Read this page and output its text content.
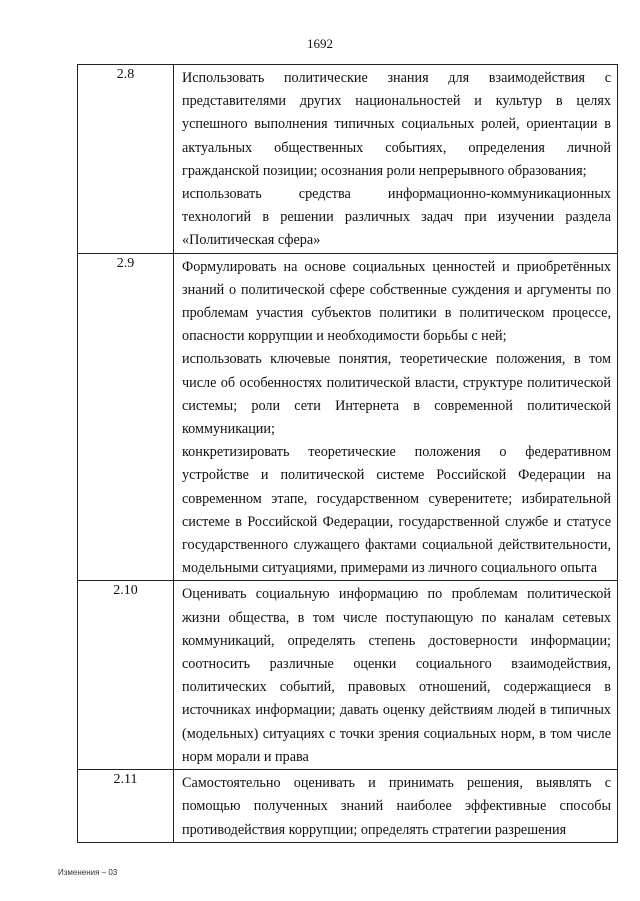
1692
2.8	Использовать политические знания для взаимодействия с представителями других национальностей и культур в целях успешного выполнения типичных социальных ролей, ориентации в актуальных общественных событиях, определения личной гражданской позиции; осознания роли непрерывного образования;

использовать средства информационно-коммуникационных технологий в решении различных задач при изучении раздела «Политическая сфера»

2.9	Формулировать на основе социальных ценностей и приобретённых знаний о политической сфере собственные суждения и аргументы по проблемам участия субъектов политики в политическом процессе, опасности коррупции и необходимости борьбы с ней;

использовать ключевые понятия, теоретические положения, в том числе об особенностях политической власти, структуре политической системы; роли сети Интернета в современной политической коммуникации;

конкретизировать теоретические положения о федеративном устройстве и политической системе Российской Федерации на современном этапе, государственном суверенитете; избирательной системе в Российской Федерации, государственной службе и статусе государственного служащего фактами социальной действительности, модельными ситуациями, примерами из личного социального опыта

2.10	Оценивать социальную информацию по проблемам политической жизни общества, в том числе поступающую по каналам сетевых коммуникаций, определять степень достоверности информации; соотносить различные оценки социального взаимодействия, политических событий, правовых отношений, содержащиеся в источниках информации; давать оценку действиям людей в типичных (модельных) ситуациях с точки зрения социальных норм, в том числе норм морали и права

2.11	Самостоятельно оценивать и принимать решения, выявлять с помощью полученных знаний наиболее эффективные способы противодействия коррупции; определять стратегии разрешения

Изменения – 03
